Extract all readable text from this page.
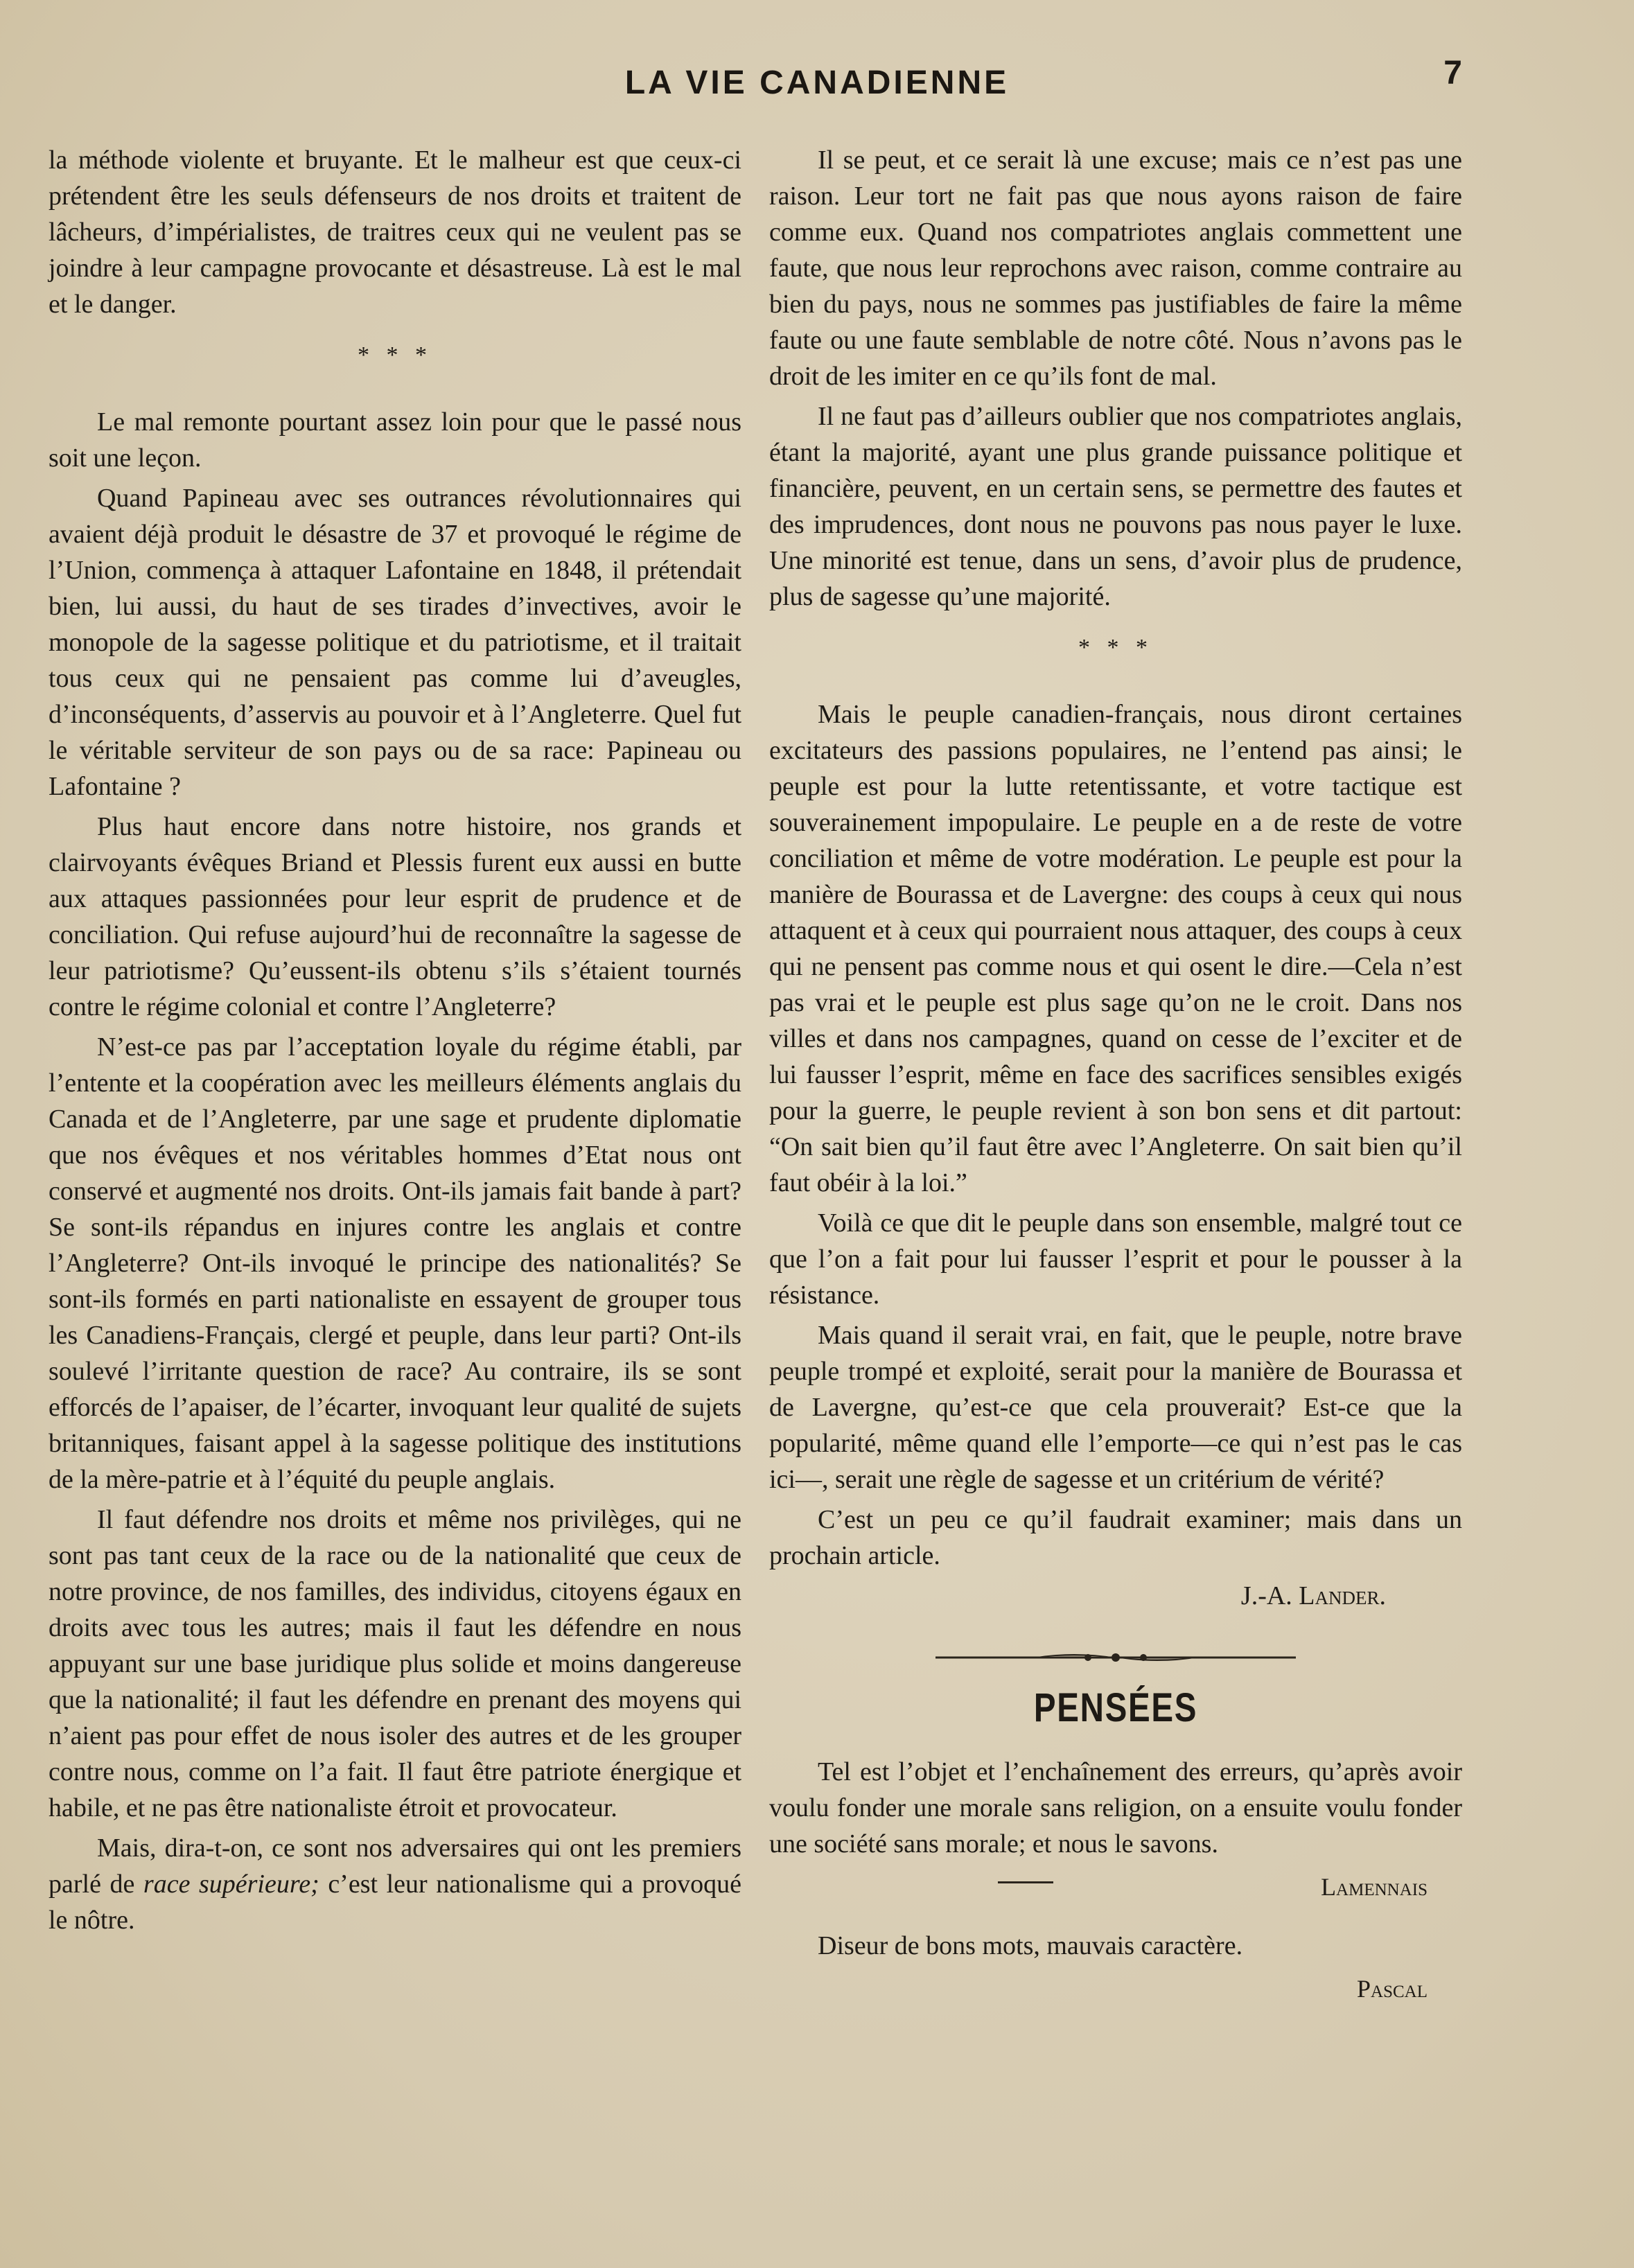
LA VIE CANADIENNE	7

la méthode violente et bruyante. Et le malheur est que ceux-ci prétendent être les seuls défenseurs de nos droits et traitent de lâcheurs, d’impérialistes, de traitres ceux qui ne veulent pas se joindre à leur campagne provocante et désastreuse. Là est le mal et le danger.

* * *

Le mal remonte pourtant assez loin pour que le passé nous soit une leçon.

Quand Papineau avec ses outrances révolutionnaires qui avaient déjà produit le désastre de 37 et provoqué le régime de l’Union, commença à attaquer Lafontaine en 1848, il prétendait bien, lui aussi, du haut de ses tirades d’invectives, avoir le monopole de la sagesse politique et du patriotisme, et il traitait tous ceux qui ne pensaient pas comme lui d’aveugles, d’inconséquents, d’asservis au pouvoir et à l’Angleterre. Quel fut le véritable serviteur de son pays ou de sa race: Papineau ou Lafontaine ?

Plus haut encore dans notre histoire, nos grands et clairvoyants évêques Briand et Plessis furent eux aussi en butte aux attaques passionnées pour leur esprit de prudence et de conciliation. Qui refuse aujourd’hui de reconnaître la sagesse de leur patriotisme? Qu’eussent-ils obtenu s’ils s’étaient tournés contre le régime colonial et contre l’Angleterre?

N’est-ce pas par l’acceptation loyale du régime établi, par l’entente et la coopération avec les meilleurs éléments anglais du Canada et de l’Angleterre, par une sage et prudente diplomatie que nos évêques et nos véritables hommes d’Etat nous ont conservé et augmenté nos droits. Ont-ils jamais fait bande à part? Se sont-ils répandus en injures contre les anglais et contre l’Angleterre? Ont-ils invoqué le principe des nationalités? Se sont-ils formés en parti nationaliste en essayent de grouper tous les Canadiens-Français, clergé et peuple, dans leur parti? Ont-ils soulevé l’irritante question de race? Au contraire, ils se sont efforcés de l’apaiser, de l’écarter, invoquant leur qualité de sujets britanniques, faisant appel à la sagesse politique des institutions de la mère-patrie et à l’équité du peuple anglais.

Il faut défendre nos droits et même nos privilèges, qui ne sont pas tant ceux de la race ou de la nationalité que ceux de notre province, de nos familles, des individus, citoyens égaux en droits avec tous les autres; mais il faut les défendre en nous appuyant sur une base juridique plus solide et moins dangereuse que la nationalité; il faut les défendre en prenant des moyens qui n’aient pas pour effet de nous isoler des autres et de les grouper contre nous, comme on l’a fait. Il faut être patriote énergique et habile, et ne pas être nationaliste étroit et provocateur.

Mais, dira-t-on, ce sont nos adversaires qui ont les premiers parlé de race supérieure; c’est leur nationalisme qui a provoqué le nôtre.

Il se peut, et ce serait là une excuse; mais ce n’est pas une raison. Leur tort ne fait pas que nous ayons raison de faire comme eux. Quand nos compatriotes anglais commettent une faute, que nous leur reprochons avec raison, comme contraire au bien du pays, nous ne sommes pas justifiables de faire la même faute ou une faute semblable de notre côté. Nous n’avons pas le droit de les imiter en ce qu’ils font de mal.

Il ne faut pas d’ailleurs oublier que nos compatriotes anglais, étant la majorité, ayant une plus grande puissance politique et financière, peuvent, en un certain sens, se permettre des fautes et des imprudences, dont nous ne pouvons pas nous payer le luxe. Une minorité est tenue, dans un sens, d’avoir plus de prudence, plus de sagesse qu’une majorité.

* * *

Mais le peuple canadien-français, nous diront certaines excitateurs des passions populaires, ne l’entend pas ainsi; le peuple est pour la lutte retentissante, et votre tactique est souverainement impopulaire. Le peuple en a de reste de votre conciliation et même de votre modération. Le peuple est pour la manière de Bourassa et de Lavergne: des coups à ceux qui nous attaquent et à ceux qui pourraient nous attaquer, des coups à ceux qui ne pensent pas comme nous et qui osent le dire.—Cela n’est pas vrai et le peuple est plus sage qu’on ne le croit. Dans nos villes et dans nos campagnes, quand on cesse de l’exciter et de lui fausser l’esprit, même en face des sacrifices sensibles exigés pour la guerre, le peuple revient à son bon sens et dit partout: “On sait bien qu’il faut être avec l’Angleterre. On sait bien qu’il faut obéir à la loi.”

Voilà ce que dit le peuple dans son ensemble, malgré tout ce que l’on a fait pour lui fausser l’esprit et pour le pousser à la résistance.

Mais quand il serait vrai, en fait, que le peuple, notre brave peuple trompé et exploité, serait pour la manière de Bourassa et de Lavergne, qu’est-ce que cela prouverait? Est-ce que la popularité, même quand elle l’emporte—ce qui n’est pas le cas ici—, serait une règle de sagesse et un critérium de vérité?

C’est un peu ce qu’il faudrait examiner; mais dans un prochain article.

J.-A. Lander.
PENSÉES

Tel est l’objet et l’enchaînement des erreurs, qu’après avoir voulu fonder une morale sans religion, on a ensuite voulu fonder une société sans morale; et nous le savons.

Lamennais

Diseur de bons mots, mauvais caractère.

Pascal
